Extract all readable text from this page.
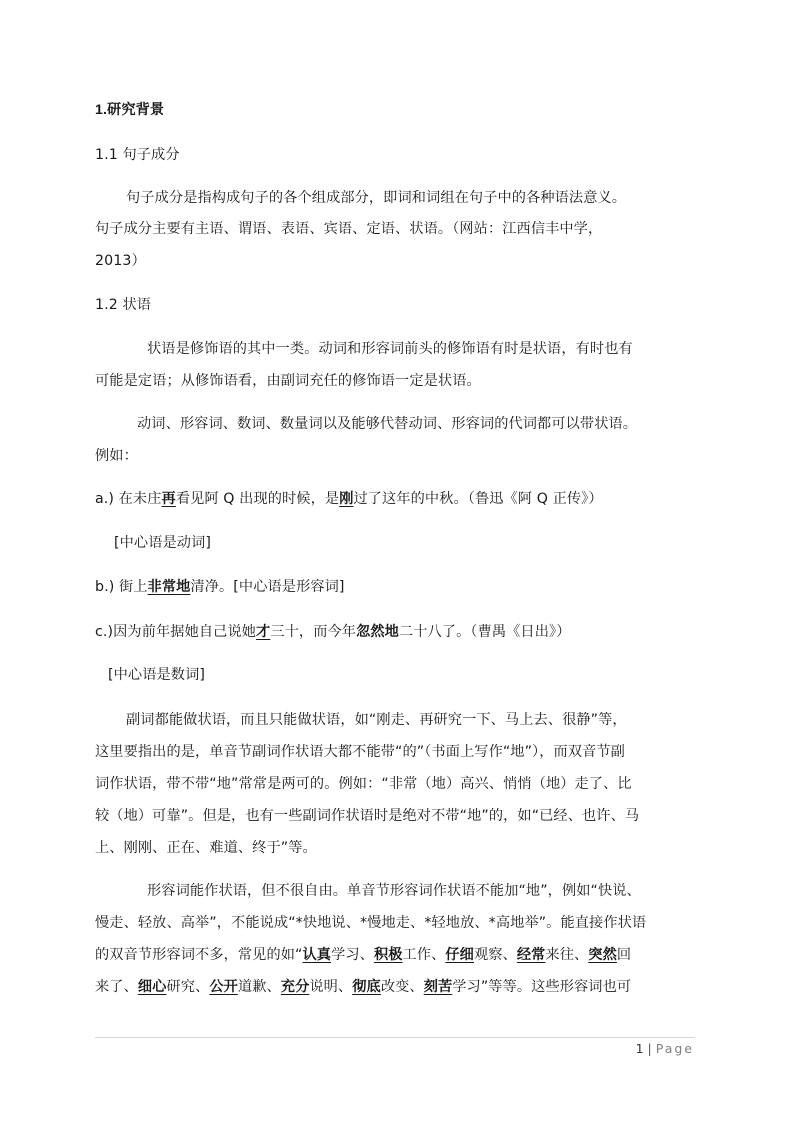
1.研究背景
1.1 句子成分
句子成分是指构成句子的各个组成部分，即词和词组在句子中的各种语法意义。
句子成分主要有主语、谓语、表语、宾语、定语、状语。（网站：江西信丰中学，
2013）
1.2 状语
状语是修饰语的其中一类。动词和形容词前头的修饰语有时是状语，有时也有
可能是定语；从修饰语看，由副词充任的修饰语一定是状语。
动词、形容词、数词、数量词以及能够代替动词、形容词的代词都可以带状语。
例如：
a.) 在未庄再看见阿 Q 出现的时候，是刚过了这年的中秋。（鲁迅《阿 Q 正传》）
[中心语是动词]
b.) 街上非常地清净。[中心语是形容词]
c.)因为前年据她自己说她才三十，而今年忽然地二十八了。（曹禺《日出》）
[中心语是数词]
副词都能做状语，而且只能做状语，如“刚走、再研究一下、马上去、很静”等，
这里要指出的是，单音节副词作状语大都不能带“的”（书面上写作“地”），而双音节副
词作状语，带不带“地”常常是两可的。例如：“非常（地）高兴、悄悄（地）走了、比
较（地）可靠”。但是，也有一些副词作状语时是绝对不带“地”的，如“已经、也许、马
上、刚刚、正在、难道、终于”等。
形容词能作状语，但不很自由。单音节形容词作状语不能加“地”，例如“快说、
慢走、轻放、高举”，不能说成“*快地说、*慢地走、*轻地放、*高地举”。能直接作状语
的双音节形容词不多，常见的如“认真学习、积极工作、仔细观察、经常来往、突然回
来了、细心研究、公开道歉、充分说明、彻底改变、刻苦学习”等等。这些形容词也可
1 | Page
